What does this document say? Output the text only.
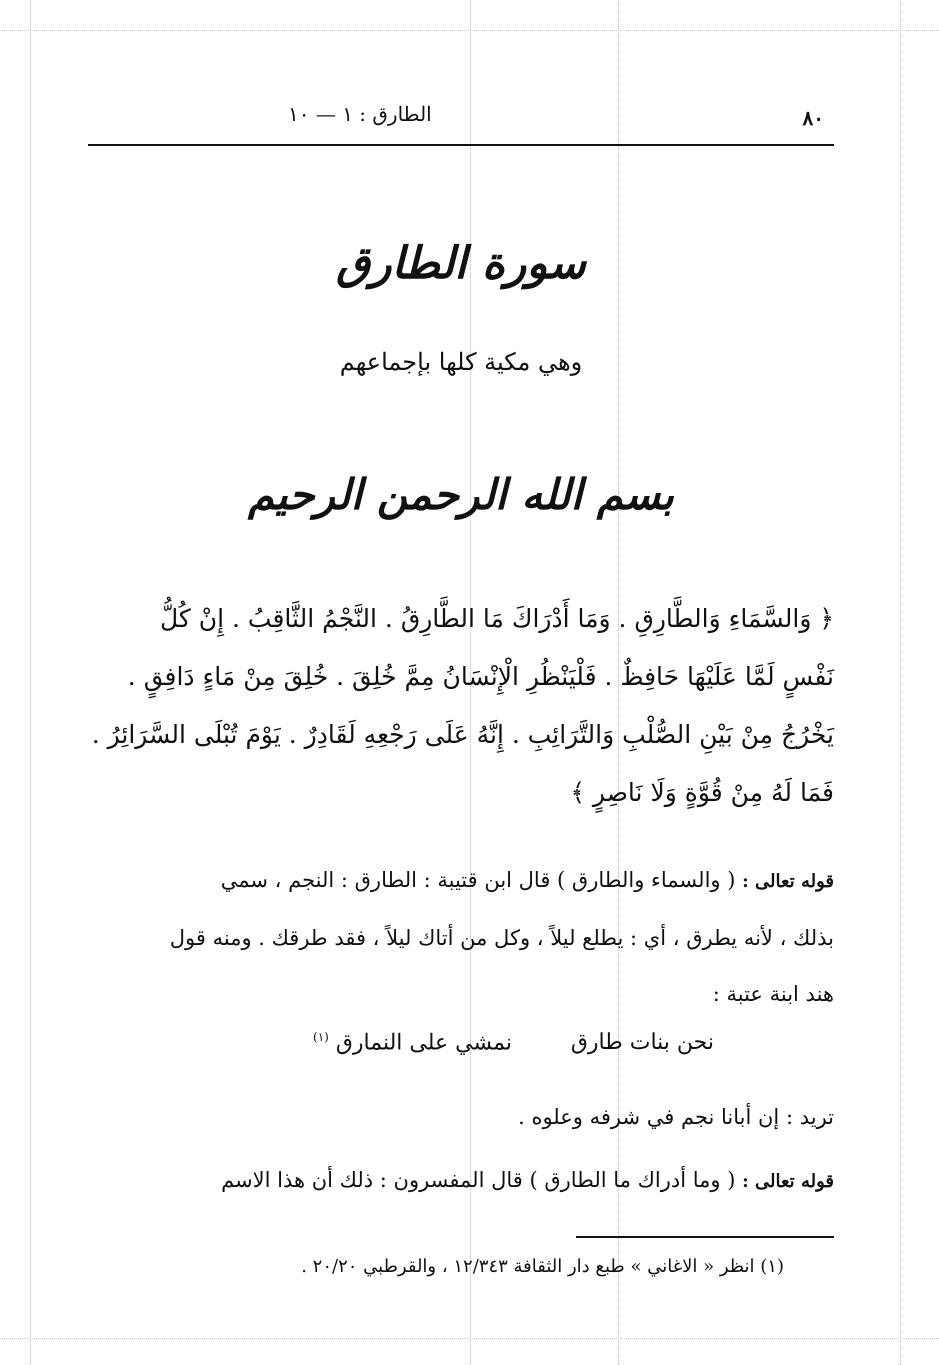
٨٠
الطارق : ١ — ١٠
سورة الطارق
وهي مكية كلها بإجماعهم
بسم الله الرحمن الرحيم

﴿ وَالسَّمَاءِ وَالطَّارِقِ . وَمَا أَدْرَاكَ مَا الطَّارِقُ . النَّجْمُ الثَّاقِبُ . إِنْ كُلُّ

نَفْسٍ لَمَّا عَلَيْهَا حَافِظٌ . فَلْيَنْظُرِ الْإِنْسَانُ مِمَّ خُلِقَ . خُلِقَ مِنْ مَاءٍ دَافِقٍ .

يَخْرُجُ مِنْ بَيْنِ الصُّلْبِ وَالتَّرَائِبِ . إِنَّهُ عَلَى رَجْعِهِ لَقَادِرٌ . يَوْمَ تُبْلَى السَّرَائِرُ .

فَمَا لَهُ مِنْ قُوَّةٍ وَلَا نَاصِرٍ ﴾

قوله تعالى : ( والسماء والطارق ) قال ابن قتيبة : الطارق : النجم ، سمي

بذلك ، لأنه يطرق ، أي : يطلع ليلاً ، وكل من أتاك ليلاً ، فقد طرقك . ومنه قول

هند ابنة عتبة :

نحن بنات طارق
نمشي على النمارق $^{(١)}$
تريد : إن أبانا نجم في شرفه وعلوه .
قوله تعالى : ( وما أدراك ما الطارق ) قال المفسرون : ذلك أن هذا الاسم
(١) انظر « الاغاني » طبع دار الثقافة ١٢/٣٤٣ ، والقرطبي ٢٠/٢٠ .
